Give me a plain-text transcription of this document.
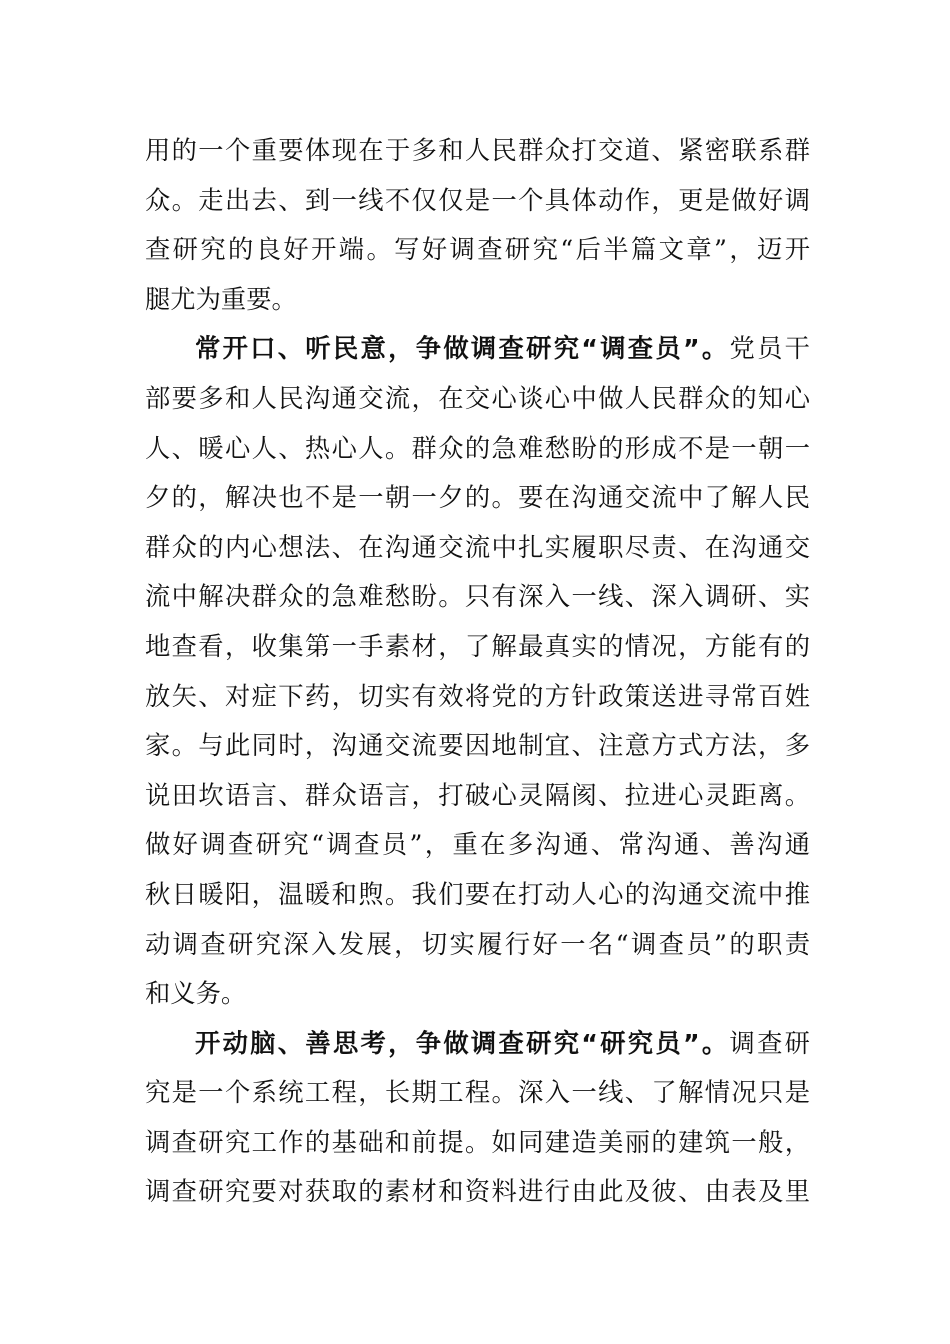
用的一个重要体现在于多和人民群众打交道、紧密联系群
众。走出去、到一线不仅仅是一个具体动作，更是做好调
查研究的良好开端。写好调查研究“后半篇文章”，迈开
腿尤为重要。
常开口、听民意，争做调查研究“调查员”。党员干
部要多和人民沟通交流，在交心谈心中做人民群众的知心
人、暖心人、热心人。群众的急难愁盼的形成不是一朝一
夕的，解决也不是一朝一夕的。要在沟通交流中了解人民
群众的内心想法、在沟通交流中扎实履职尽责、在沟通交
流中解决群众的急难愁盼。只有深入一线、深入调研、实
地查看，收集第一手素材，了解最真实的情况，方能有的
放矢、对症下药，切实有效将党的方针政策送进寻常百姓
家。与此同时，沟通交流要因地制宜、注意方式方法，多
说田坎语言、群众语言，打破心灵隔阂、拉进心灵距离。
做好调查研究“调查员”，重在多沟通、常沟通、善沟通
秋日暖阳，温暖和煦。我们要在打动人心的沟通交流中推
动调查研究深入发展，切实履行好一名“调查员”的职责
和义务。
开动脑、善思考，争做调查研究“研究员”。调查研
究是一个系统工程，长期工程。深入一线、了解情况只是
调查研究工作的基础和前提。如同建造美丽的建筑一般，
调查研究要对获取的素材和资料进行由此及彼、由表及里
